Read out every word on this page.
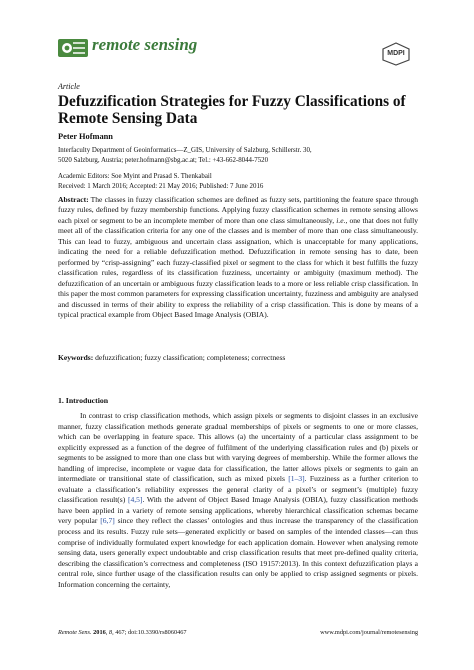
remote sensing	MDPI
Article
Defuzzification Strategies for Fuzzy Classifications of Remote Sensing Data
Peter Hofmann
Interfaculty Department of Geoinformatics—Z_GIS, University of Salzburg, Schillerstr. 30,
5020 Salzburg, Austria; peter.hofmann@sbg.ac.at; Tel.: +43-662-8044-7520
Academic Editors: Soe Myint and Prasad S. Thenkabail
Received: 1 March 2016; Accepted: 21 May 2016; Published: 7 June 2016

Abstract: The classes in fuzzy classification schemes are defined as fuzzy sets, partitioning the feature space through fuzzy rules, defined by fuzzy membership functions. Applying fuzzy classification schemes in remote sensing allows each pixel or segment to be an incomplete member of more than one class simultaneously, i.e., one that does not fully meet all of the classification criteria for any one of the classes and is member of more than one class simultaneously. This can lead to fuzzy, ambiguous and uncertain class assignation, which is unacceptable for many applications, indicating the need for a reliable defuzzification method. Defuzzification in remote sensing has to date, been performed by “crisp-assigning” each fuzzy-classified pixel or segment to the class for which it best fulfills the fuzzy classification rules, regardless of its classification fuzziness, uncertainty or ambiguity (maximum method). The defuzzification of an uncertain or ambiguous fuzzy classification leads to a more or less reliable crisp classification. In this paper the most common parameters for expressing classification uncertainty, fuzziness and ambiguity are analysed and discussed in terms of their ability to express the reliability of a crisp classification. This is done by means of a typical practical example from Object Based Image Analysis (OBIA).

Keywords: defuzzification; fuzzy classification; completeness; correctness

1. Introduction

In contrast to crisp classification methods, which assign pixels or segments to disjoint classes in an exclusive manner, fuzzy classification methods generate gradual memberships of pixels or segments to one or more classes, which can be overlapping in feature space. This allows (a) the uncertainty of a particular class assignment to be explicitly expressed as a function of the degree of fulfilment of the underlying classification rules and (b) pixels or segments to be assigned to more than one class but with varying degrees of membership. While the former allows the handling of imprecise, incomplete or vague data for classification, the latter allows pixels or segments to gain an intermediate or transitional state of classification, such as mixed pixels [1–3]. Fuzziness as a further criterion to evaluate a classification’s reliability expresses the general clarity of a pixel’s or segment’s (multiple) fuzzy classification result(s) [4,5]. With the advent of Object Based Image Analysis (OBIA), fuzzy classification methods have been applied in a variety of remote sensing applications, whereby hierarchical classification schemas became very popular [6,7] since they reflect the classes’ ontologies and thus increase the transparency of the classification process and its results. Fuzzy rule sets—generated explicitly or based on samples of the intended classes—can thus comprise of individually formulated expert knowledge for each application domain. However when analysing remote sensing data, users generally expect undoubtable and crisp classification results that meet pre-defined quality criteria, describing the classification’s correctness and completeness (ISO 19157:2013). In this context defuzzification plays a central role, since further usage of the classification results can only be applied to crisp assigned segments or pixels. Information concerning the certainty,

Remote Sens. 2016, 8, 467; doi:10.3390/rs8060467	www.mdpi.com/journal/remotesensing
